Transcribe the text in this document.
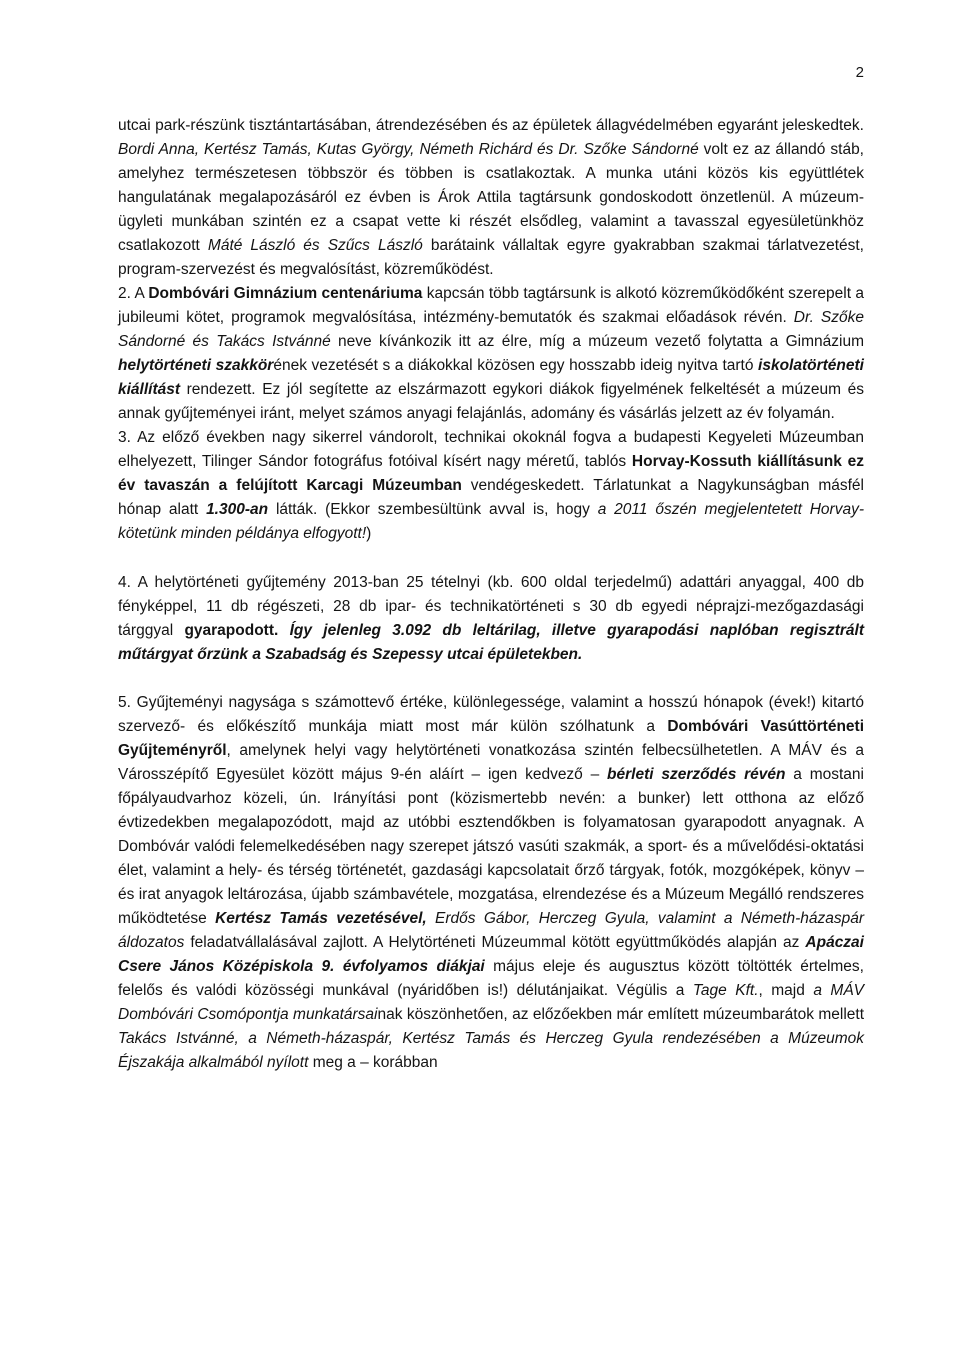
2

utcai park-részünk tisztántartásában, átrendezésében és az épületek állagvédelmében egyaránt jeleskedtek. Bordi Anna, Kertész Tamás, Kutas György, Németh Richárd és Dr. Szőke Sándorné volt ez az állandó stáb, amelyhez természetesen többször és többen is csatlakoztak. A munka utáni közös kis együttlétek hangulatának megalapozásáról ez évben is Árok Attila tagtársunk gondoskodott önzetlenül. A múzeum-ügyleti munkában szintén ez a csapat vette ki részét elsődleg, valamint a tavasszal egyesületünkhöz csatlakozott Máté László és Szűcs László barátaink vállaltak egyre gyakrabban szakmai tárlatvezetést, program-szervezést és megvalósítást, közreműködést.

2. A Dombóvári Gimnázium centenáriuma kapcsán több tagtársunk is alkotó közreműködőként szerepelt a jubileumi kötet, programok megvalósítása, intézmény-bemutatók és szakmai előadások révén. Dr. Szőke Sándorné és Takács Istvánné neve kívánkozik itt az élre, míg a múzeum vezető folytatta a Gimnázium helytörténeti szakkörének vezetését s a diákokkal közösen egy hosszabb ideig nyitva tartó iskolatörténeti kiállítást rendezett. Ez jól segítette az elszármazott egykori diákok figyelmének felkeltését a múzeum és annak gyűjteményei iránt, melyet számos anyagi felajánlás, adomány és vásárlás jelzett az év folyamán.

3. Az előző években nagy sikerrel vándorolt, technikai okoknál fogva a budapesti Kegyeleti Múzeumban elhelyezett, Tilinger Sándor fotográfus fotóival kísért nagy méretű, tablós Horvay-Kossuth kiállításunk ez év tavaszán a felújított Karcagi Múzeumban vendégeskedett. Tárlatunkat a Nagykunságban másfél hónap alatt 1.300-an látták. (Ekkor szembesültünk avval is, hogy a 2011 őszén megjelentetett Horvay-kötetünk minden példánya elfogyott!)

4. A helytörténeti gyűjtemény 2013-ban 25 tételnyi (kb. 600 oldal terjedelmű) adattári anyaggal, 400 db fényképpel, 11 db régészeti, 28 db ipar- és technikatörténeti s 30 db egyedi néprajzi-mezőgazdasági tárggyal gyarapodott. Így jelenleg 3.092 db leltárilag, illetve gyarapodási naplóban regisztrált műtárgyat őrzünk a Szabadság és Szepessy utcai épületekben.

5. Gyűjteményi nagysága s számottevő értéke, különlegessége, valamint a hosszú hónapok (évek!) kitartó szervező- és előkészítő munkája miatt most már külön szólhatunk a Dombóvári Vasúttörténeti Gyűjteményről, amelynek helyi vagy helytörténeti vonatkozása szintén felbecsülhetetlen. A MÁV és a Városszépítő Egyesület között május 9-én aláírt – igen kedvező – bérleti szerződés révén a mostani főpályaudvarhoz közeli, ún. Irányítási pont (közismertebb nevén: a bunker) lett otthona az előző évtizedekben megalapozódott, majd az utóbbi esztendőkben is folyamatosan gyarapodott anyagnak. A Dombóvár valódi felemelkedésében nagy szerepet játszó vasúti szakmák, a sport- és a művelődési-oktatási élet, valamint a hely- és térség történetét, gazdasági kapcsolatait őrző tárgyak, fotók, mozgóképek, könyv – és irat anyagok leltározása, újabb számbavétele, mozgatása, elrendezése és a Múzeum Megálló rendszeres működtetése Kertész Tamás vezetésével, Erdős Gábor, Herczeg Gyula, valamint a Németh-házaspár áldozatos feladatvállalásával zajlott. A Helytörténeti Múzeummal kötött együttműködés alapján az Apáczai Csere János Középiskola 9. évfolyamos diákjai május eleje és augusztus között töltötték értelmes, felelős és valódi közösségi munkával (nyáridőben is!) délutánjaikat. Végülis a Tage Kft., majd a MÁV Dombóvári Csomópontja munkatársainak köszönhetően, az előzőekben már említett múzeumbarátok mellett Takács Istvánné, a Németh-házaspár, Kertész Tamás és Herczeg Gyula rendezésében a Múzeumok Éjszakája alkalmából nyílott meg a – korábban
